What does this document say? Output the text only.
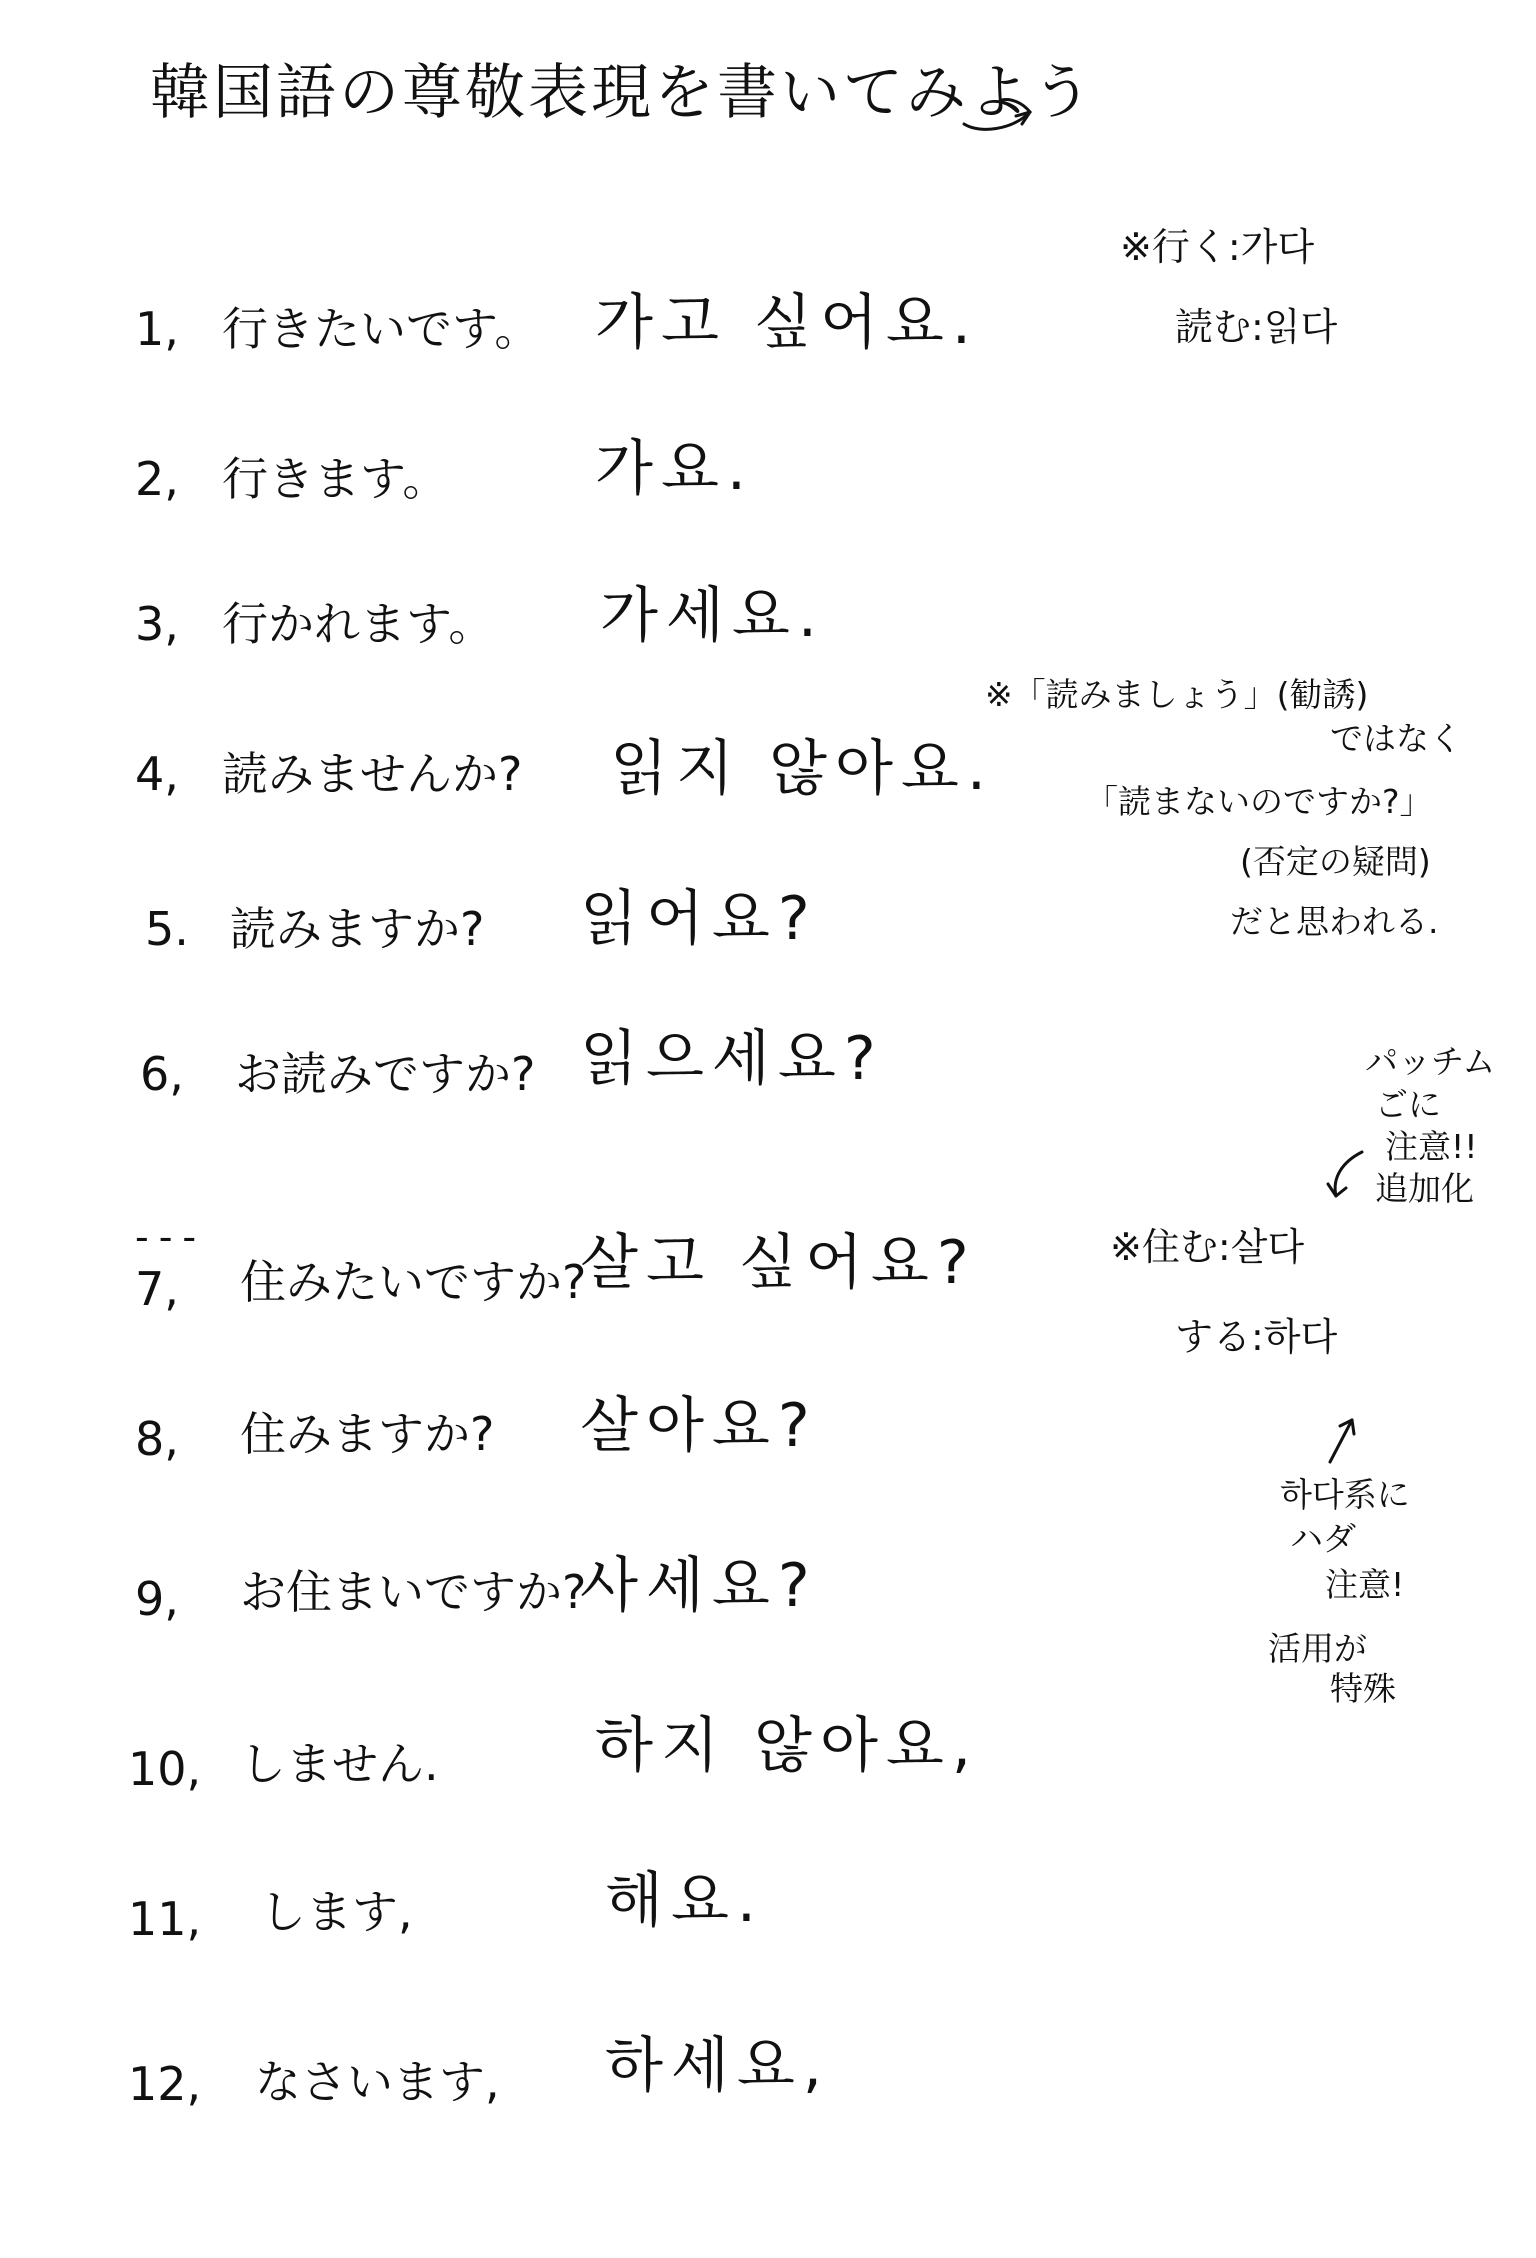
韓国語の尊敬表現を書いてみよう
1, 行きたいです。 가고 싶어요.
2, 行きます。 가요.
3, 行かれます。 가세요.
4, 読みませんか? 읽지 않아요.
5. 読みますか? 읽어요?
6, お読みですか? 읽으세요?
---
7, 住みたいですか?
살고 싶어요?
8, 住みますか? 살아요?
9, お住まいですか?
사세요?
10, しません.	하지 않아요,
11, します,	해요.
12, なさいます, 하세요,
※行く:가다
読む:읽다
※「読みましょう」(勧誘)
ではなく
「読まないのですか?」
(否定の疑問)
だと思われる.
パッチム
ごに
注意!!
追加化
※住む:살다
する:하다
하다系に
ハダ
注意!
活用が
特殊
